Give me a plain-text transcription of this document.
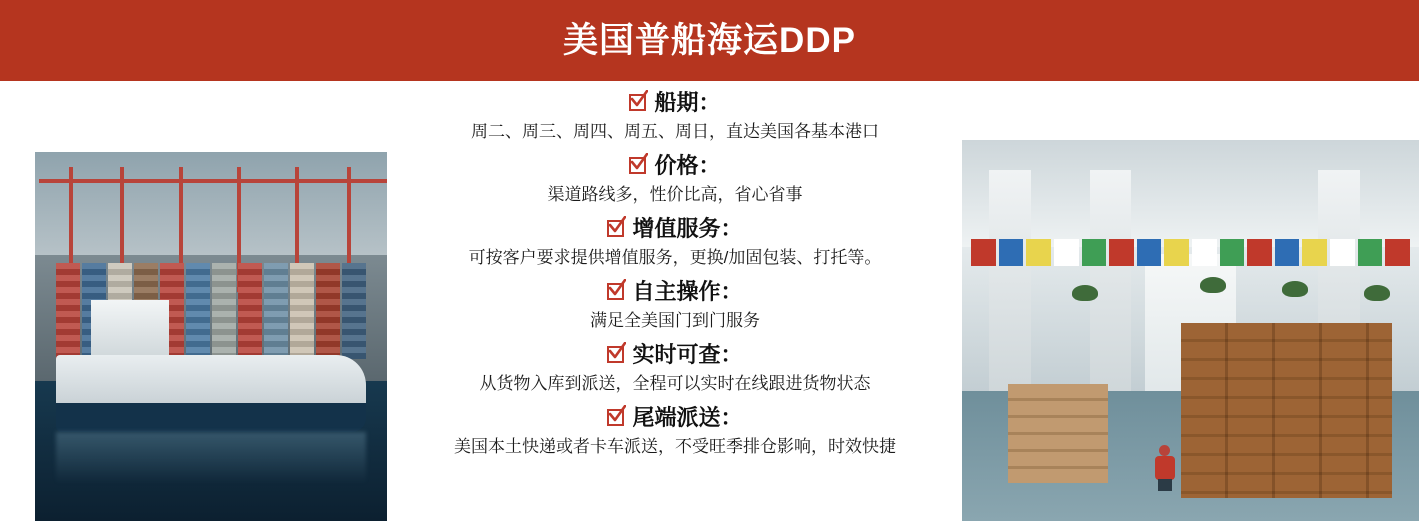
美国普船海运DDP
船期：
周二、周三、周四、周五、周日，直达美国各基本港口
价格：
渠道路线多，性价比高，省心省事
增值服务：
可按客户要求提供增值服务，更换/加固包装、打托等。
自主操作：
满足全美国门到门服务
实时可查：
从货物入库到派送，全程可以实时在线跟进货物状态
尾端派送：
美国本土快递或者卡车派送，不受旺季排仓影响，时效快捷
